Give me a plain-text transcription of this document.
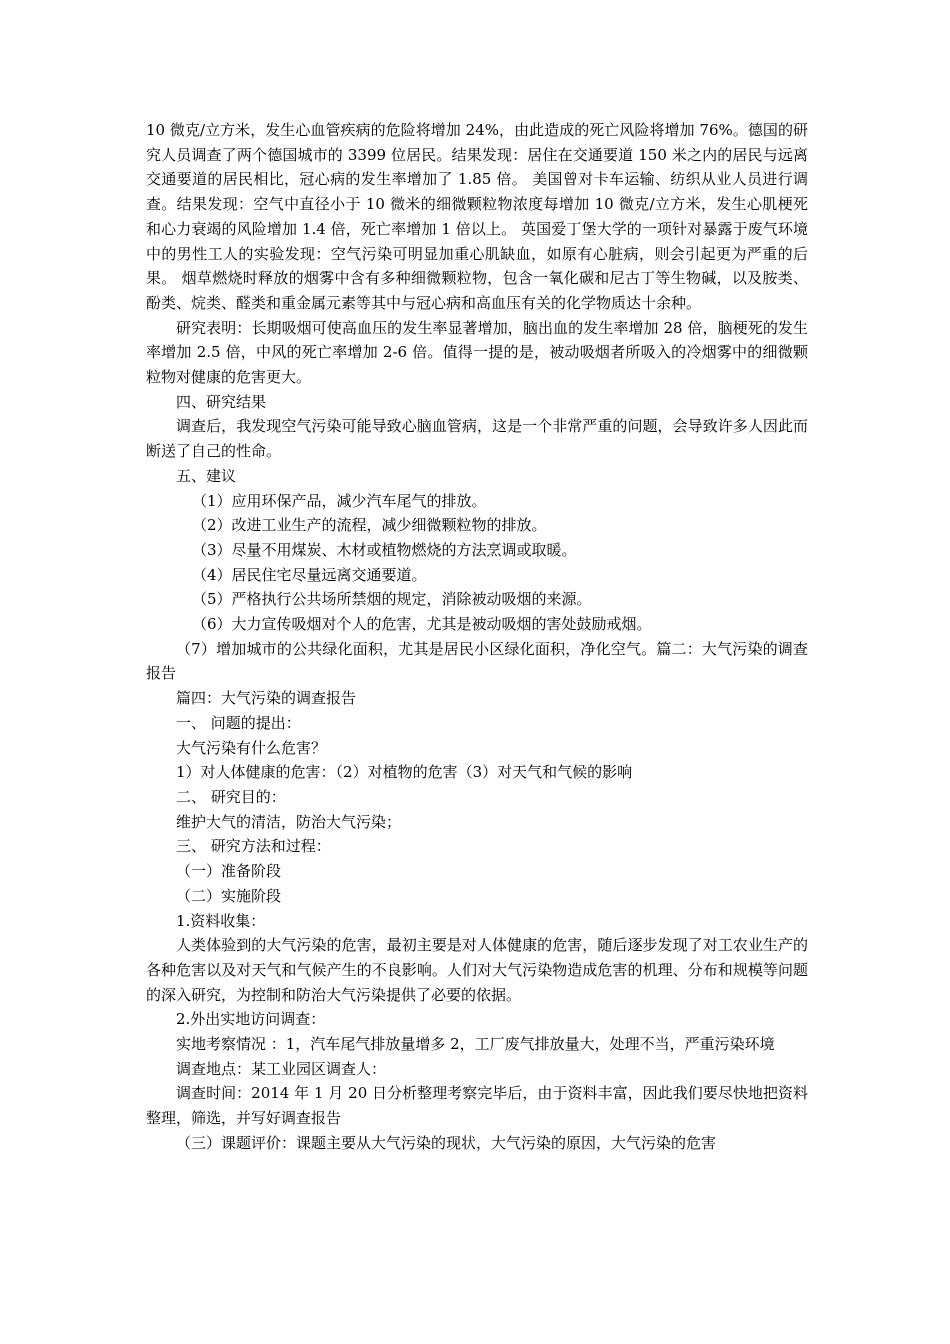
10 微克/立方米，发生心血管疾病的危险将增加 24%，由此造成的死亡风险将增加 76%。德国的研究人员调查了两个德国城市的 3399 位居民。结果发现：居住在交通要道 150 米之内的居民与远离交通要道的居民相比，冠心病的发生率增加了 1.85 倍。 美国曾对卡车运输、纺织从业人员进行调查。结果发现：空气中直径小于 10 微米的细微颗粒物浓度每增加 10 微克/立方米，发生心肌梗死和心力衰竭的风险增加 1.4 倍，死亡率增加 1 倍以上。 英国爱丁堡大学的一项针对暴露于废气环境中的男性工人的实验发现：空气污染可明显加重心肌缺血，如原有心脏病，则会引起更为严重的后果。 烟草燃烧时释放的烟雾中含有多种细微颗粒物，包含一氧化碳和尼古丁等生物碱，以及胺类、酚类、烷类、醛类和重金属元素等其中与冠心病和高血压有关的化学物质达十余种。

研究表明：长期吸烟可使高血压的发生率显著增加，脑出血的发生率增加 28 倍，脑梗死的发生率增加 2.5 倍，中风的死亡率增加 2-6 倍。值得一提的是，被动吸烟者所吸入的冷烟雾中的细微颗粒物对健康的危害更大。

四、研究结果

调查后，我发现空气污染可能导致心脑血管病，这是一个非常严重的问题，会导致许多人因此而断送了自己的性命。

五、建议

（1）应用环保产品，减少汽车尾气的排放。

（2）改进工业生产的流程，减少细微颗粒物的排放。

（3）尽量不用煤炭、木材或植物燃烧的方法烹调或取暖。

（4）居民住宅尽量远离交通要道。

（5）严格执行公共场所禁烟的规定，消除被动吸烟的来源。

（6）大力宣传吸烟对个人的危害，尤其是被动吸烟的害处鼓励戒烟。

（7）增加城市的公共绿化面积，尤其是居民小区绿化面积，净化空气。篇二：大气污染的调查报告

篇四：大气污染的调查报告

一、 问题的提出：

大气污染有什么危害？

1）对人体健康的危害：（2）对植物的危害（3）对天气和气候的影响

二、 研究目的：

维护大气的清洁，防治大气污染；

三、 研究方法和过程：

（一）准备阶段

（二）实施阶段

1.资料收集：

人类体验到的大气污染的危害，最初主要是对人体健康的危害，随后逐步发现了对工农业生产的各种危害以及对天气和气候产生的不良影响。人们对大气污染物造成危害的机理、分布和规模等问题的深入研究，为控制和防治大气污染提供了必要的依据。

2.外出实地访问调查：

实地考察情况 ：1，汽车尾气排放量增多 2，工厂废气排放量大，处理不当，严重污染环境

调查地点：某工业园区调查人：

调查时间：2014 年 1 月 20 日分析整理考察完毕后，由于资料丰富，因此我们要尽快地把资料整理，筛选，并写好调查报告

（三）课题评价：课题主要从大气污染的现状，大气污染的原因，大气污染的危害
